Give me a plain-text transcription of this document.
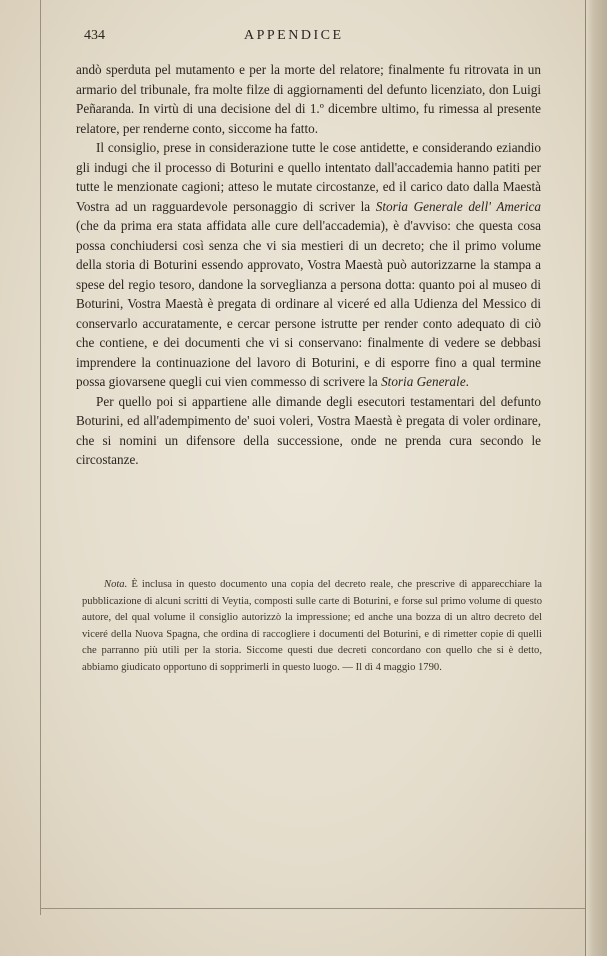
434	APPENDICE

andò sperduta pel mutamento e per la morte del relatore; finalmente fu ritrovata in un armario del tribunale, fra molte filze di aggiornamenti del defunto licenziato, don Luigi Peñaranda. In virtù di una decisione del di 1.º dicembre ultimo, fu rimessa al presente relatore, per renderne conto, siccome ha fatto.

Il consiglio, prese in considerazione tutte le cose antidette, e considerando eziandio gli indugi che il processo di Boturini e quello intentato dall'accademia hanno patiti per tutte le menzionate cagioni; atteso le mutate circostanze, ed il carico dato dalla Maestà Vostra ad un ragguardevole personaggio di scriver la Storia Generale dell' America (che da prima era stata affidata alle cure dell'accademia), è d'avviso: che questa cosa possa conchiudersi così senza che vi sia mestieri di un decreto; che il primo volume della storia di Boturini essendo approvato, Vostra Maestà può autorizzarne la stampa a spese del regio tesoro, dandone la sorveglianza a persona dotta: quanto poi al museo di Boturini, Vostra Maestà è pregata di ordinare al viceré ed alla Udienza del Messico di conservarlo accuratamente, e cercar persone istrutte per render conto adequato di ciò che contiene, e dei documenti che vi si conservano: finalmente di vedere se debbasi imprendere la continuazione del lavoro di Boturini, e di esporre fino a qual termine possa giovarsene quegli cui vien commesso di scrivere la Storia Generale.

Per quello poi si appartiene alle dimande degli esecutori testamentari del defunto Boturini, ed all'adempimento de' suoi voleri, Vostra Maestà è pregata di voler ordinare, che si nomini un difensore della successione, onde ne prenda cura secondo le circostanze.

Nota. È inclusa in questo documento una copia del decreto reale, che prescrive di apparecchiare la pubblicazione di alcuni scritti di Veytia, composti sulle carte di Boturini, e forse sul primo volume di questo autore, del qual volume il consiglio autorizzò la impressione; ed anche una bozza di un altro decreto del viceré della Nuova Spagna, che ordina di raccogliere i documenti del Boturini, e di rimetter copie di quelli che parranno più utili per la storia. Siccome questi due decreti concordano con quello che si è detto, abbiamo giudicato opportuno di sopprimerli in questo luogo. — Il dì 4 maggio 1790.
